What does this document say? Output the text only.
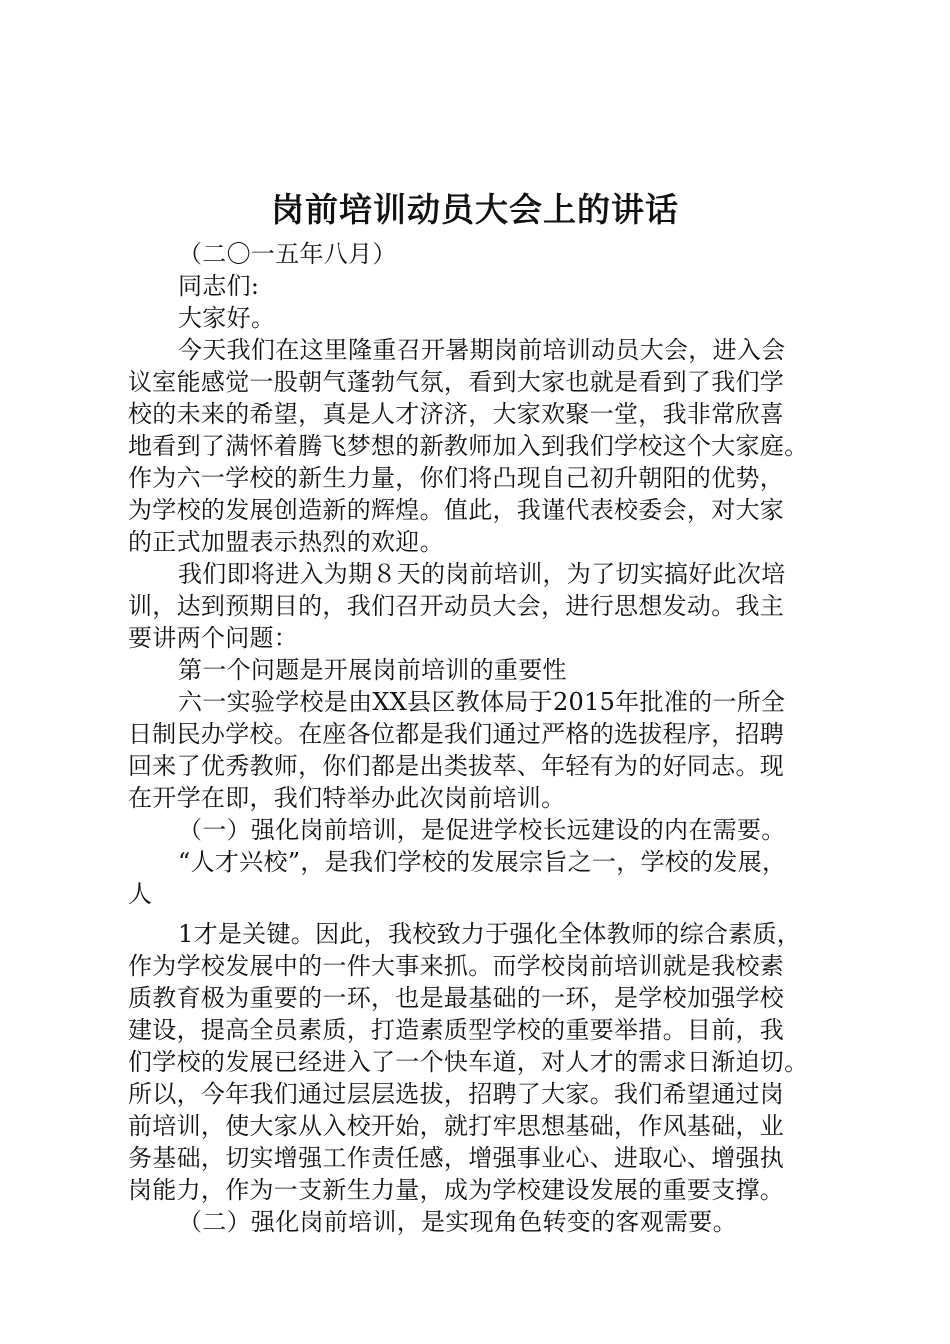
岗前培训动员大会上的讲话
（二〇一五年八月）
同志们:
大家好。
今天我们在这里隆重召开暑期岗前培训动员大会，进入会
议室能感觉一股朝气蓬勃气氛，看到大家也就是看到了我们学
校的未来的希望，真是人才济济，大家欢聚一堂，我非常欣喜
地看到了满怀着腾飞梦想的新教师加入到我们学校这个大家庭。
作为六一学校的新生力量，你们将凸现自己初升朝阳的优势，
为学校的发展创造新的辉煌。值此，我谨代表校委会，对大家
的正式加盟表示热烈的欢迎。
我们即将进入为期８天的岗前培训，为了切实搞好此次培
训，达到预期目的，我们召开动员大会，进行思想发动。我主
要讲两个问题：
第一个问题是开展岗前培训的重要性
六一实验学校是由XX县区教体局于2015年批准的一所全
日制民办学校。在座各位都是我们通过严格的选拔程序，招聘
回来了优秀教师，你们都是出类拔萃、年轻有为的好同志。现
在开学在即，我们特举办此次岗前培训。
（一）强化岗前培训，是促进学校长远建设的内在需要。
“人才兴校”，是我们学校的发展宗旨之一，学校的发展，
人
1才是关键。因此，我校致力于强化全体教师的综合素质，
作为学校发展中的一件大事来抓。而学校岗前培训就是我校素
质教育极为重要的一环，也是最基础的一环，是学校加强学校
建设，提高全员素质，打造素质型学校的重要举措。目前，我
们学校的发展已经进入了一个快车道，对人才的需求日渐迫切。
所以，今年我们通过层层选拔，招聘了大家。我们希望通过岗
前培训，使大家从入校开始，就打牢思想基础，作风基础，业
务基础，切实增强工作责任感，增强事业心、进取心、增强执
岗能力，作为一支新生力量，成为学校建设发展的重要支撑。
（二）强化岗前培训，是实现角色转变的客观需要。
